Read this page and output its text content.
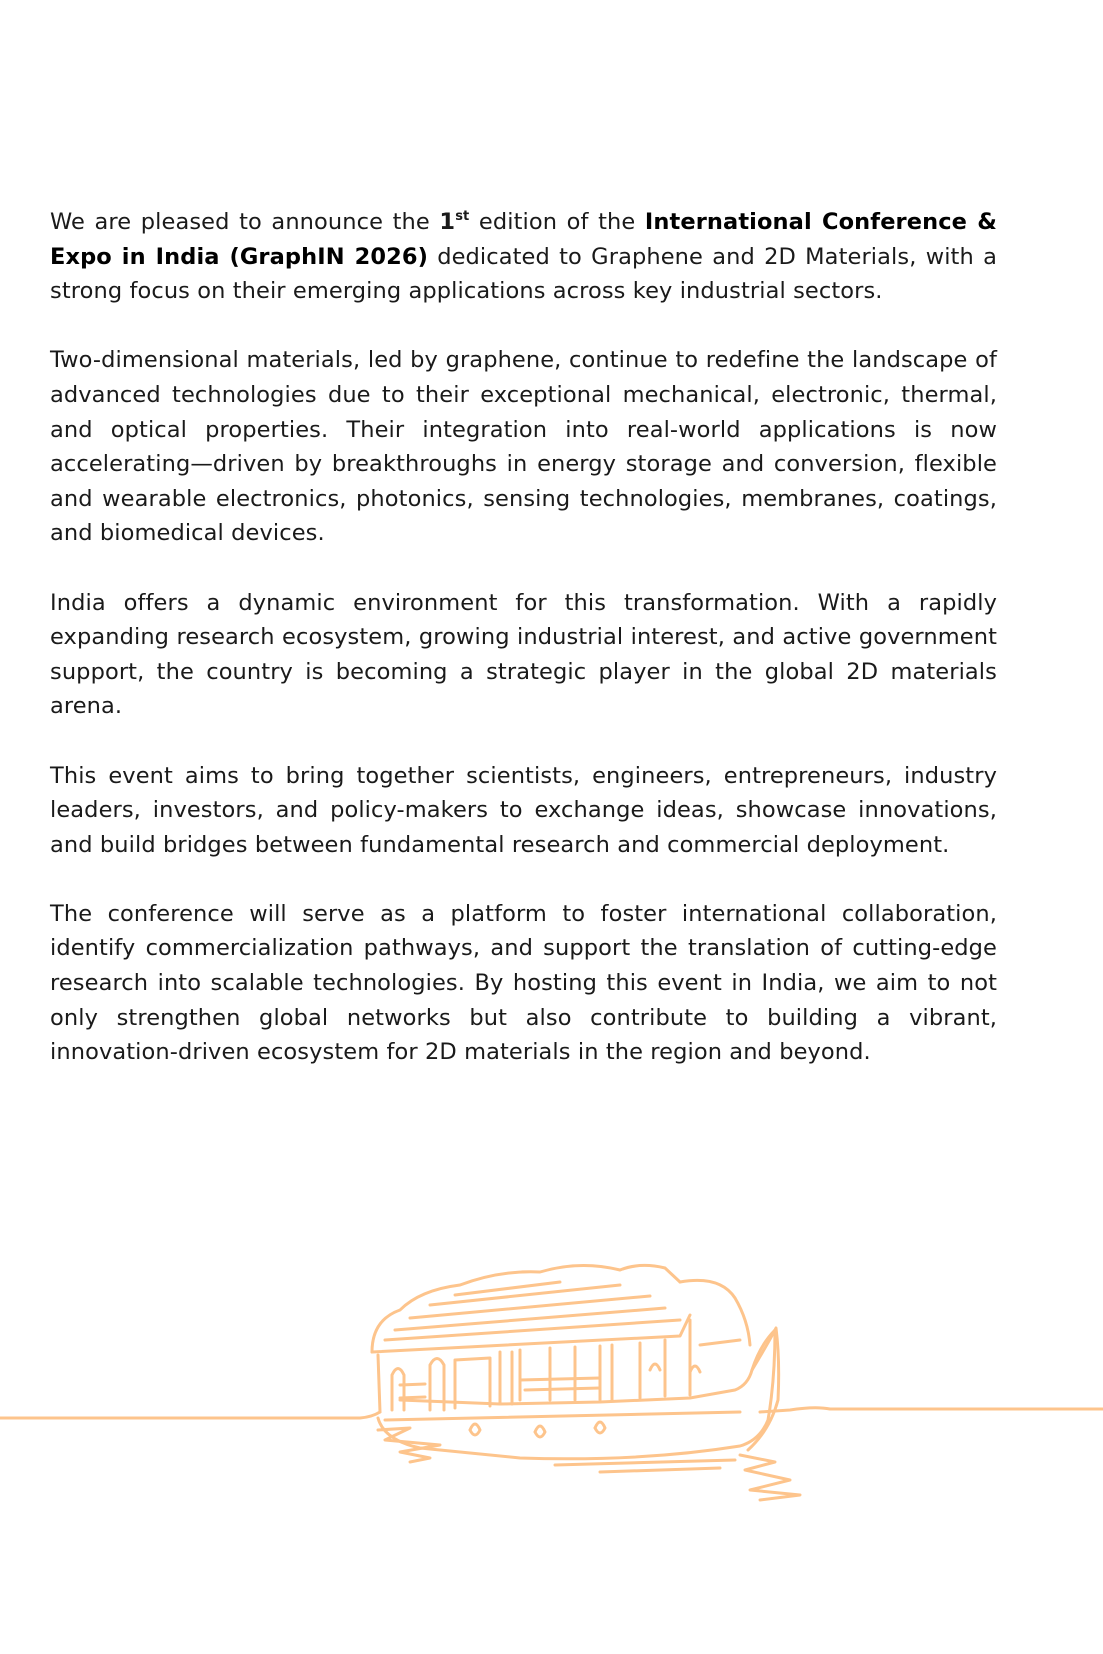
We are pleased to announce the 1st edition of the International Conference & Expo in India (GraphIN 2026) dedicated to Graphene and 2D Materials, with a strong focus on their emerging applications across key industrial sectors.

Two-dimensional materials, led by graphene, continue to redefine the landscape of advanced technologies due to their exceptional mechanical, electronic, thermal, and optical properties. Their integration into real-world applications is now accelerating—driven by breakthroughs in energy storage and conversion, flexible and wearable electronics, photonics, sensing technologies, membranes, coatings, and biomedical devices.

India offers a dynamic environment for this transformation. With a rapidly expanding research ecosystem, growing industrial interest, and active government support, the country is becoming a strategic player in the global 2D materials arena.

This event aims to bring together scientists, engineers, entrepreneurs, industry leaders, investors, and policy-makers to exchange ideas, showcase innovations, and build bridges between fundamental research and commercial deployment.

The conference will serve as a platform to foster international collaboration, identify commercialization pathways, and support the translation of cutting-edge research into scalable technologies. By hosting this event in India, we aim to not only strengthen global networks but also contribute to building a vibrant, innovation-driven ecosystem for 2D materials in the region and beyond.
